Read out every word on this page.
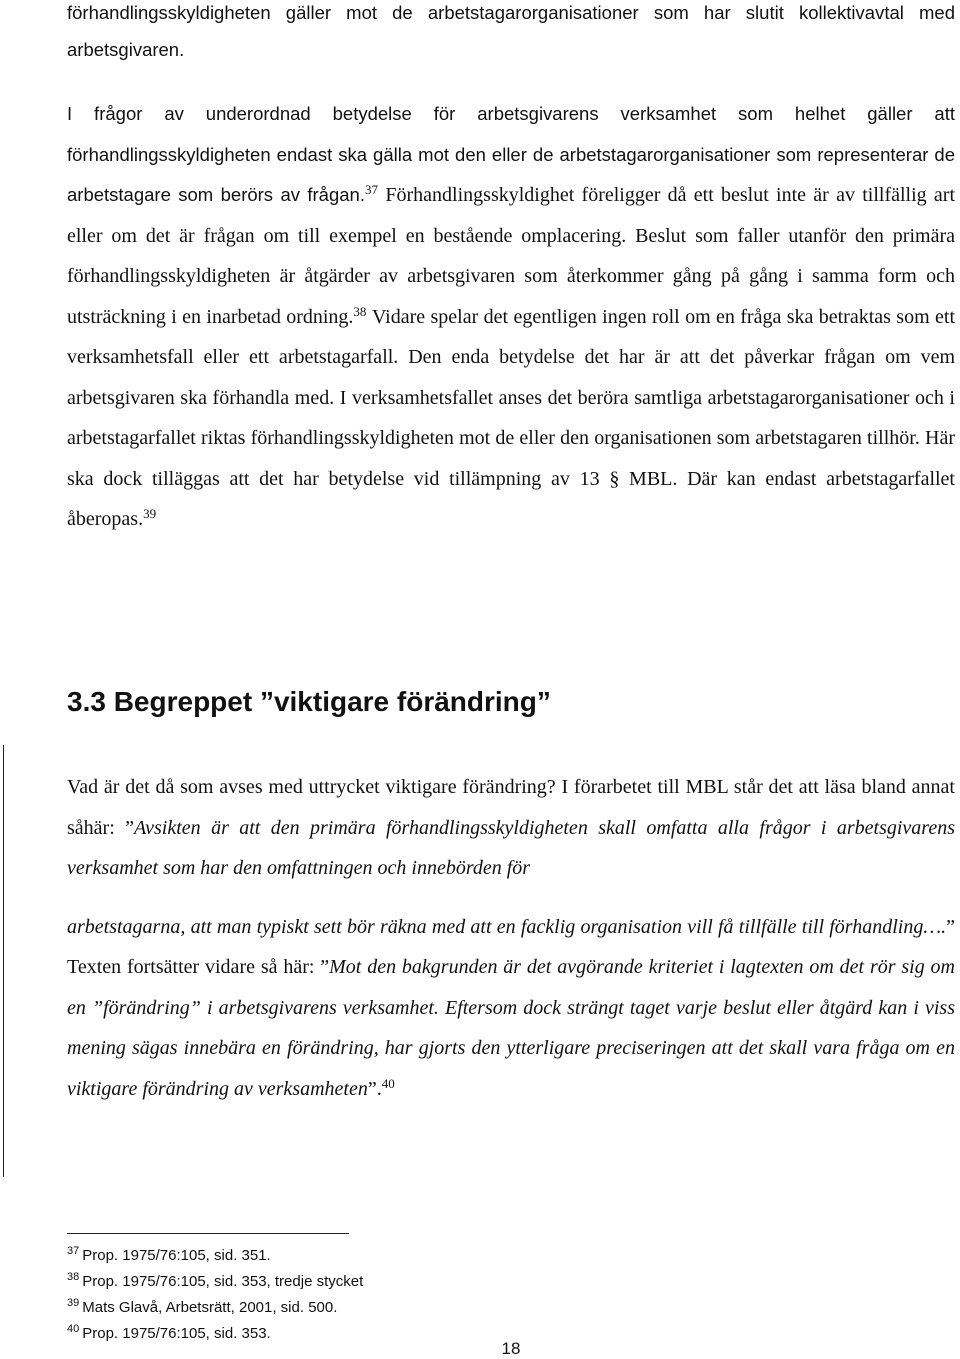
förhandlingsskyldigheten gäller mot de arbetstagarorganisationer som har slutit kollektivavtal med arbetsgivaren.

I frågor av underordnad betydelse för arbetsgivarens verksamhet som helhet gäller att förhandlingsskyldigheten endast ska gälla mot den eller de arbetstagarorganisationer som representerar de arbetstagare som berörs av frågan.$^{37}$ Förhandlingsskyldighet föreligger då ett beslut inte är av tillfällig art eller om det är frågan om till exempel en bestående omplacering. Beslut som faller utanför den primära förhandlingsskyldigheten är åtgärder av arbetsgivaren som återkommer gång på gång i samma form och utsträckning i en inarbetad ordning.$^{38}$ Vidare spelar det egentligen ingen roll om en fråga ska betraktas som ett verksamhetsfall eller ett arbetstagarfall. Den enda betydelse det har är att det påverkar frågan om vem arbetsgivaren ska förhandla med. I verksamhetsfallet anses det beröra samtliga arbetstagarorganisationer och i arbetstagarfallet riktas förhandlingsskyldigheten mot de eller den organisationen som arbetstagaren tillhör. Här ska dock tilläggas att det har betydelse vid tillämpning av 13 § MBL. Där kan endast arbetstagarfallet åberopas.$^{39}$

3.3 Begreppet ”viktigare förändring”

Vad är det då som avses med uttrycket viktigare förändring? I förarbetet till MBL står det att läsa bland annat såhär: ”Avsikten är att den primära förhandlingsskyldigheten skall omfatta alla frågor i arbetsgivarens verksamhet som har den omfattningen och innebörden för
arbetstagarna, att man typiskt sett bör räkna med att en facklig organisation vill få tillfälle till förhandling….” Texten fortsätter vidare så här: ”Mot den bakgrunden är det avgörande kriteriet i lagtexten om det rör sig om en ”förändring” i arbetsgivarens verksamhet. Eftersom dock strängt taget varje beslut eller åtgärd kan i viss mening sägas innebära en förändring, har gjorts den ytterligare preciseringen att det skall vara fråga om en viktigare förändring av verksamheten”.$^{40}$

$^{37}$ Prop. 1975/76:105, sid. 351.
$^{38}$ Prop. 1975/76:105, sid. 353, tredje stycket
$^{39}$ Mats Glavå, Arbetsrätt, 2001, sid. 500.
$^{40}$ Prop. 1975/76:105, sid. 353.
18
